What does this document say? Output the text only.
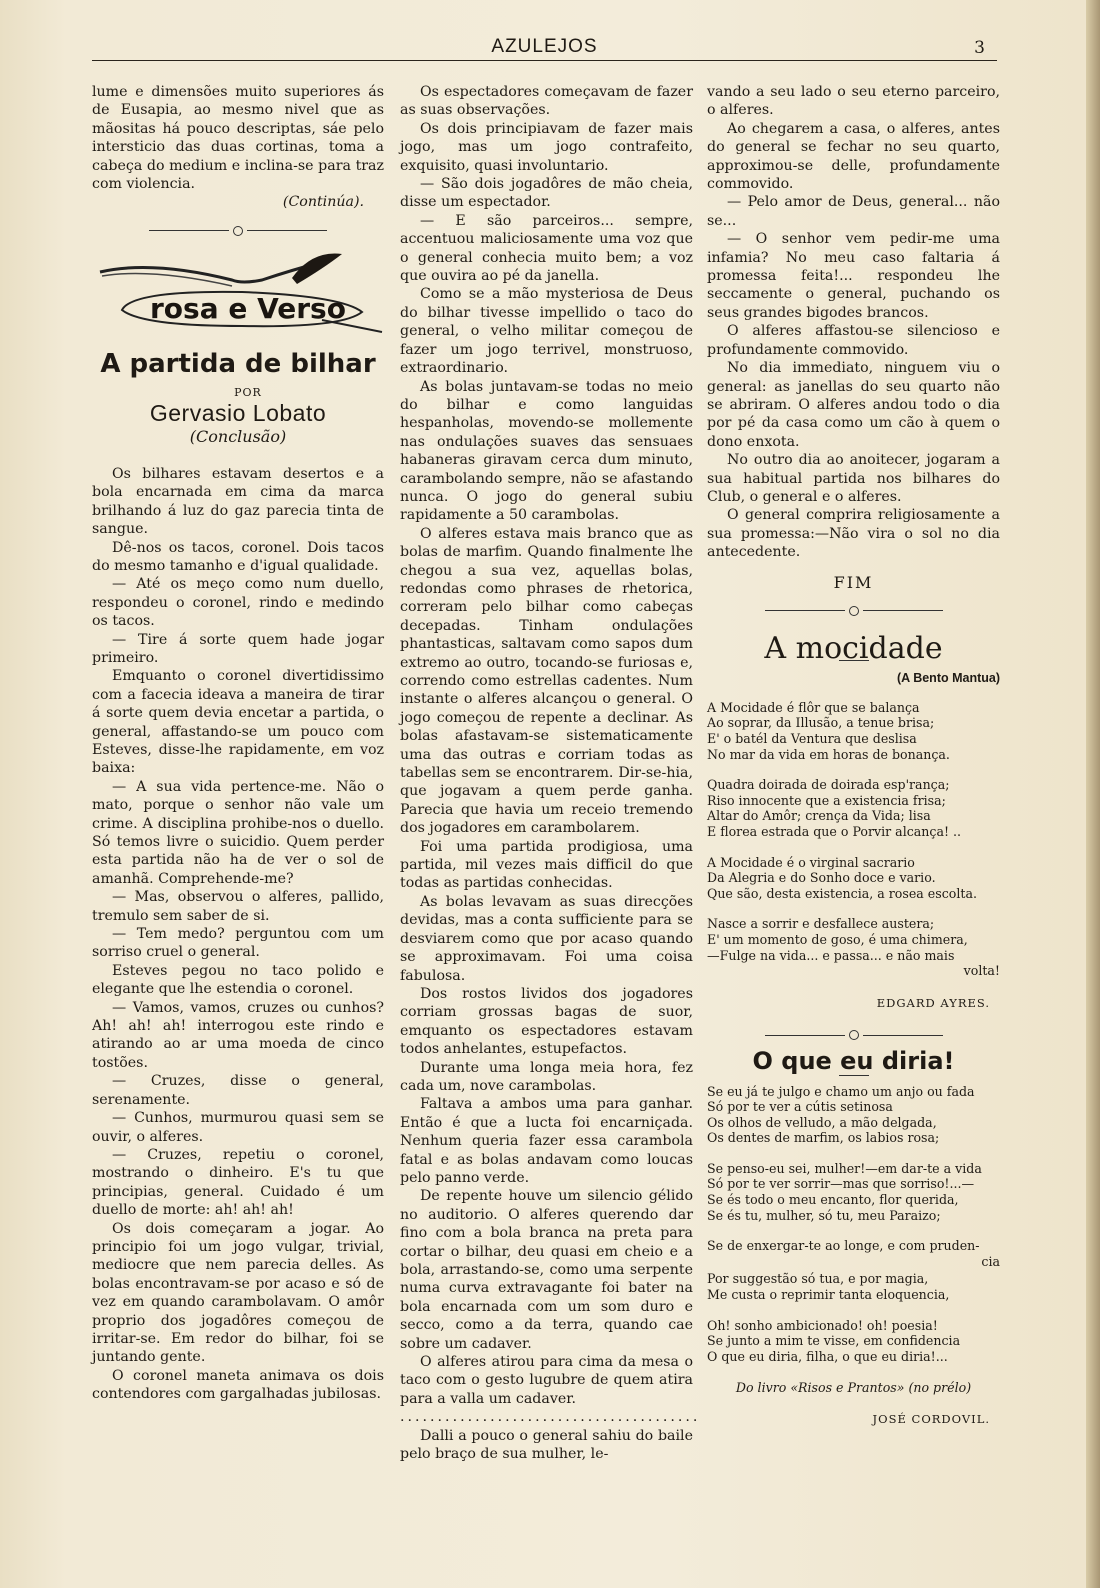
AZULEJOS	3

lume e dimensões muito superiores ás de Eusapia, ao mesmo nivel que as mãositas há pouco descriptas, sáe pelo intersticio das duas cortinas, toma a cabeça do medium e inclina-se para traz com violencia.

(Continúa).

rosa e Verso
A partida de bilhar

POR

Gervasio Lobato
(Conclusão)

Os bilhares estavam desertos e a bola encarnada em cima da marca brilhando á luz do gaz parecia tinta de sangue.

Dê-nos os tacos, coronel. Dois tacos do mesmo tamanho e d'igual qualidade.

— Até os meço como num duello, respondeu o coronel, rindo e medindo os tacos.

— Tire á sorte quem hade jogar primeiro.

Emquanto o coronel divertidissimo com a facecia ideava a maneira de tirar á sorte quem devia encetar a partida, o general, affastando-se um pouco com Esteves, disse-lhe rapidamente, em voz baixa:

— A sua vida pertence-me. Não o mato, porque o senhor não vale um crime. A disciplina prohibe-nos o duello. Só temos livre o suicidio. Quem perder esta partida não ha de ver o sol de amanhã. Comprehende-me?

— Mas, observou o alferes, pallido, tremulo sem saber de si.

— Tem medo? perguntou com um sorriso cruel o general.

Esteves pegou no taco polido e elegante que lhe estendia o coronel.

— Vamos, vamos, cruzes ou cunhos? Ah! ah! ah! interrogou este rindo e atirando ao ar uma moeda de cinco tostões.

— Cruzes, disse o general, serenamente.

— Cunhos, murmurou quasi sem se ouvir, o alferes.

— Cruzes, repetiu o coronel, mostrando o dinheiro. E's tu que principias, general. Cuidado é um duello de morte: ah! ah! ah!

Os dois começaram a jogar. Ao principio foi um jogo vulgar, trivial, mediocre que nem parecia delles. As bolas encontravam-se por acaso e só de vez em quando carambolavam. O amôr proprio dos jogadôres começou de irritar-se. Em redor do bilhar, foi se juntando gente.

O coronel maneta animava os dois contendores com gargalhadas jubilosas.

Os espectadores começavam de fazer as suas observações.

Os dois principiavam de fazer mais jogo, mas um jogo contrafeito, exquisito, quasi involuntario.

— São dois jogadôres de mão cheia, disse um espectador.

— E são parceiros... sempre, accentuou maliciosamente uma voz que o general conhecia muito bem; a voz que ouvira ao pé da janella.

Como se a mão mysteriosa de Deus do bilhar tivesse impellido o taco do general, o velho militar começou de fazer um jogo terrivel, monstruoso, extraordinario.

As bolas juntavam-se todas no meio do bilhar e como languidas hespanholas, movendo-se mollemente nas ondulações suaves das sensuaes habaneras giravam cerca dum minuto, carambolando sempre, não se afastando nunca. O jogo do general subiu rapidamente a 50 carambolas.

O alferes estava mais branco que as bolas de marfim. Quando finalmente lhe chegou a sua vez, aquellas bolas, redondas como phrases de rhetorica, correram pelo bilhar como cabeças decepadas. Tinham ondulações phantasticas, saltavam como sapos dum extremo ao outro, tocando-se furiosas e, correndo como estrellas cadentes. Num instante o alferes alcançou o general. O jogo começou de repente a declinar. As bolas afastavam-se sistematicamente uma das outras e corriam todas as tabellas sem se encontrarem. Dir-se-hia, que jogavam a quem perde ganha. Parecia que havia um receio tremendo dos jogadores em carambolarem.

Foi uma partida prodigiosa, uma partida, mil vezes mais difficil do que todas as partidas conhecidas.

As bolas levavam as suas direcções devidas, mas a conta sufficiente para se desviarem como que por acaso quando se approximavam. Foi uma coisa fabulosa.

Dos rostos lividos dos jogadores corriam grossas bagas de suor, emquanto os espectadores estavam todos anhelantes, estupefactos.

Durante uma longa meia hora, fez cada um, nove carambolas.

Faltava a ambos uma para ganhar. Então é que a lucta foi encarniçada. Nenhum queria fazer essa carambola fatal e as bolas andavam como loucas pelo panno verde.

De repente houve um silencio gélido no auditorio. O alferes querendo dar fino com a bola branca na preta para cortar o bilhar, deu quasi em cheio e a bola, arrastando-se, como uma serpente numa curva extravagante foi bater na bola encarnada com um som duro e secco, como a da terra, quando cae sobre um cadaver.

O alferes atirou para cima da mesa o taco com o gesto lugubre de quem atira para a valla um cadaver.

........................................

Dalli a pouco o general sahiu do baile pelo braço de sua mulher, le-

vando a seu lado o seu eterno parceiro, o alferes.

Ao chegarem a casa, o alferes, antes do general se fechar no seu quarto, approximou-se delle, profundamente commovido.

— Pelo amor de Deus, general... não se...

— O senhor vem pedir-me uma infamia? No meu caso faltaria á promessa feita!... respondeu lhe seccamente o general, puchando os seus grandes bigodes brancos.

O alferes affastou-se silencioso e profundamente commovido.

No dia immediato, ninguem viu o general: as janellas do seu quarto não se abriram. O alferes andou todo o dia por pé da casa como um cão à quem o dono enxota.

No outro dia ao anoitecer, jogaram a sua habitual partida nos bilhares do Club, o general e o alferes.

O general comprira religiosamente a sua promessa:—Não vira o sol no dia antecedente.

FIM
A mocidade
(A Bento Mantua)
A Mocidade é flôr que se balança
Ao soprar, da Illusão, a tenue brisa;
E' o batél da Ventura que deslisa
No mar da vida em horas de bonança.
Quadra doirada de doirada esp'rança;
Riso innocente que a existencia frisa;
Altar do Amôr; crença da Vida; lisa
E florea estrada que o Porvir alcança! ..
A Mocidade é o virginal sacrario
Da Alegria e do Sonho doce e vario.
Que são, desta existencia, a rosea escolta.
Nasce a sorrir e desfallece austera;
E' um momento de goso, é uma chimera,
—Fulge na vida... e passa... e não mais
volta!
EDGARD AYRES.
O que eu diria!
Se eu já te julgo e chamo um anjo ou fada
Só por te ver a cútis setinosa
Os olhos de velludo, a mão delgada,
Os dentes de marfim, os labios rosa;
Se penso-eu sei, mulher!—em dar-te a vida
Só por te ver sorrir—mas que sorriso!...—
Se és todo o meu encanto, flor querida,
Se és tu, mulher, só tu, meu Paraizo;
Se de enxergar-te ao longe, e com pruden-
cia
Por suggestão só tua, e por magia,
Me custa o reprimir tanta eloquencia,
Oh! sonho ambicionado! oh! poesia!
Se junto a mim te visse, em confidencia
O que eu diria, filha, o que eu diria!...
Do livro «Risos e Prantos» (no prélo)
JOSÉ CORDOVIL.
